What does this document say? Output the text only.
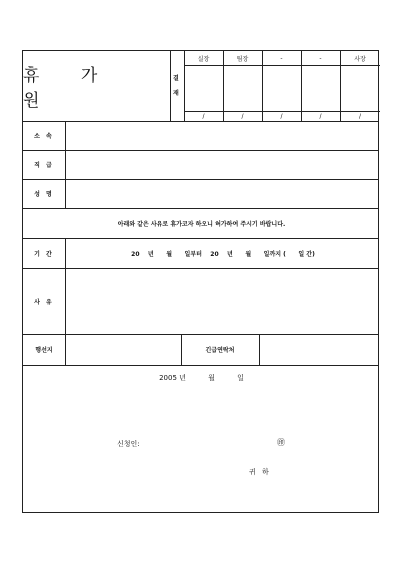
휴 가 원
결
재
실장	팀장	-	-	사장
/	/	/	/	/
소 속
직 급
성 명
아래와 같은 사유로 휴가코자 하오니 허가하여 주시기 바랍니다.
기 간	20    년      월      일부터    20    년      월      일까지 (      일 간)
사 유
행선지	긴급연락처
2005 년          월          일
신청인:	㊞
귀 하
